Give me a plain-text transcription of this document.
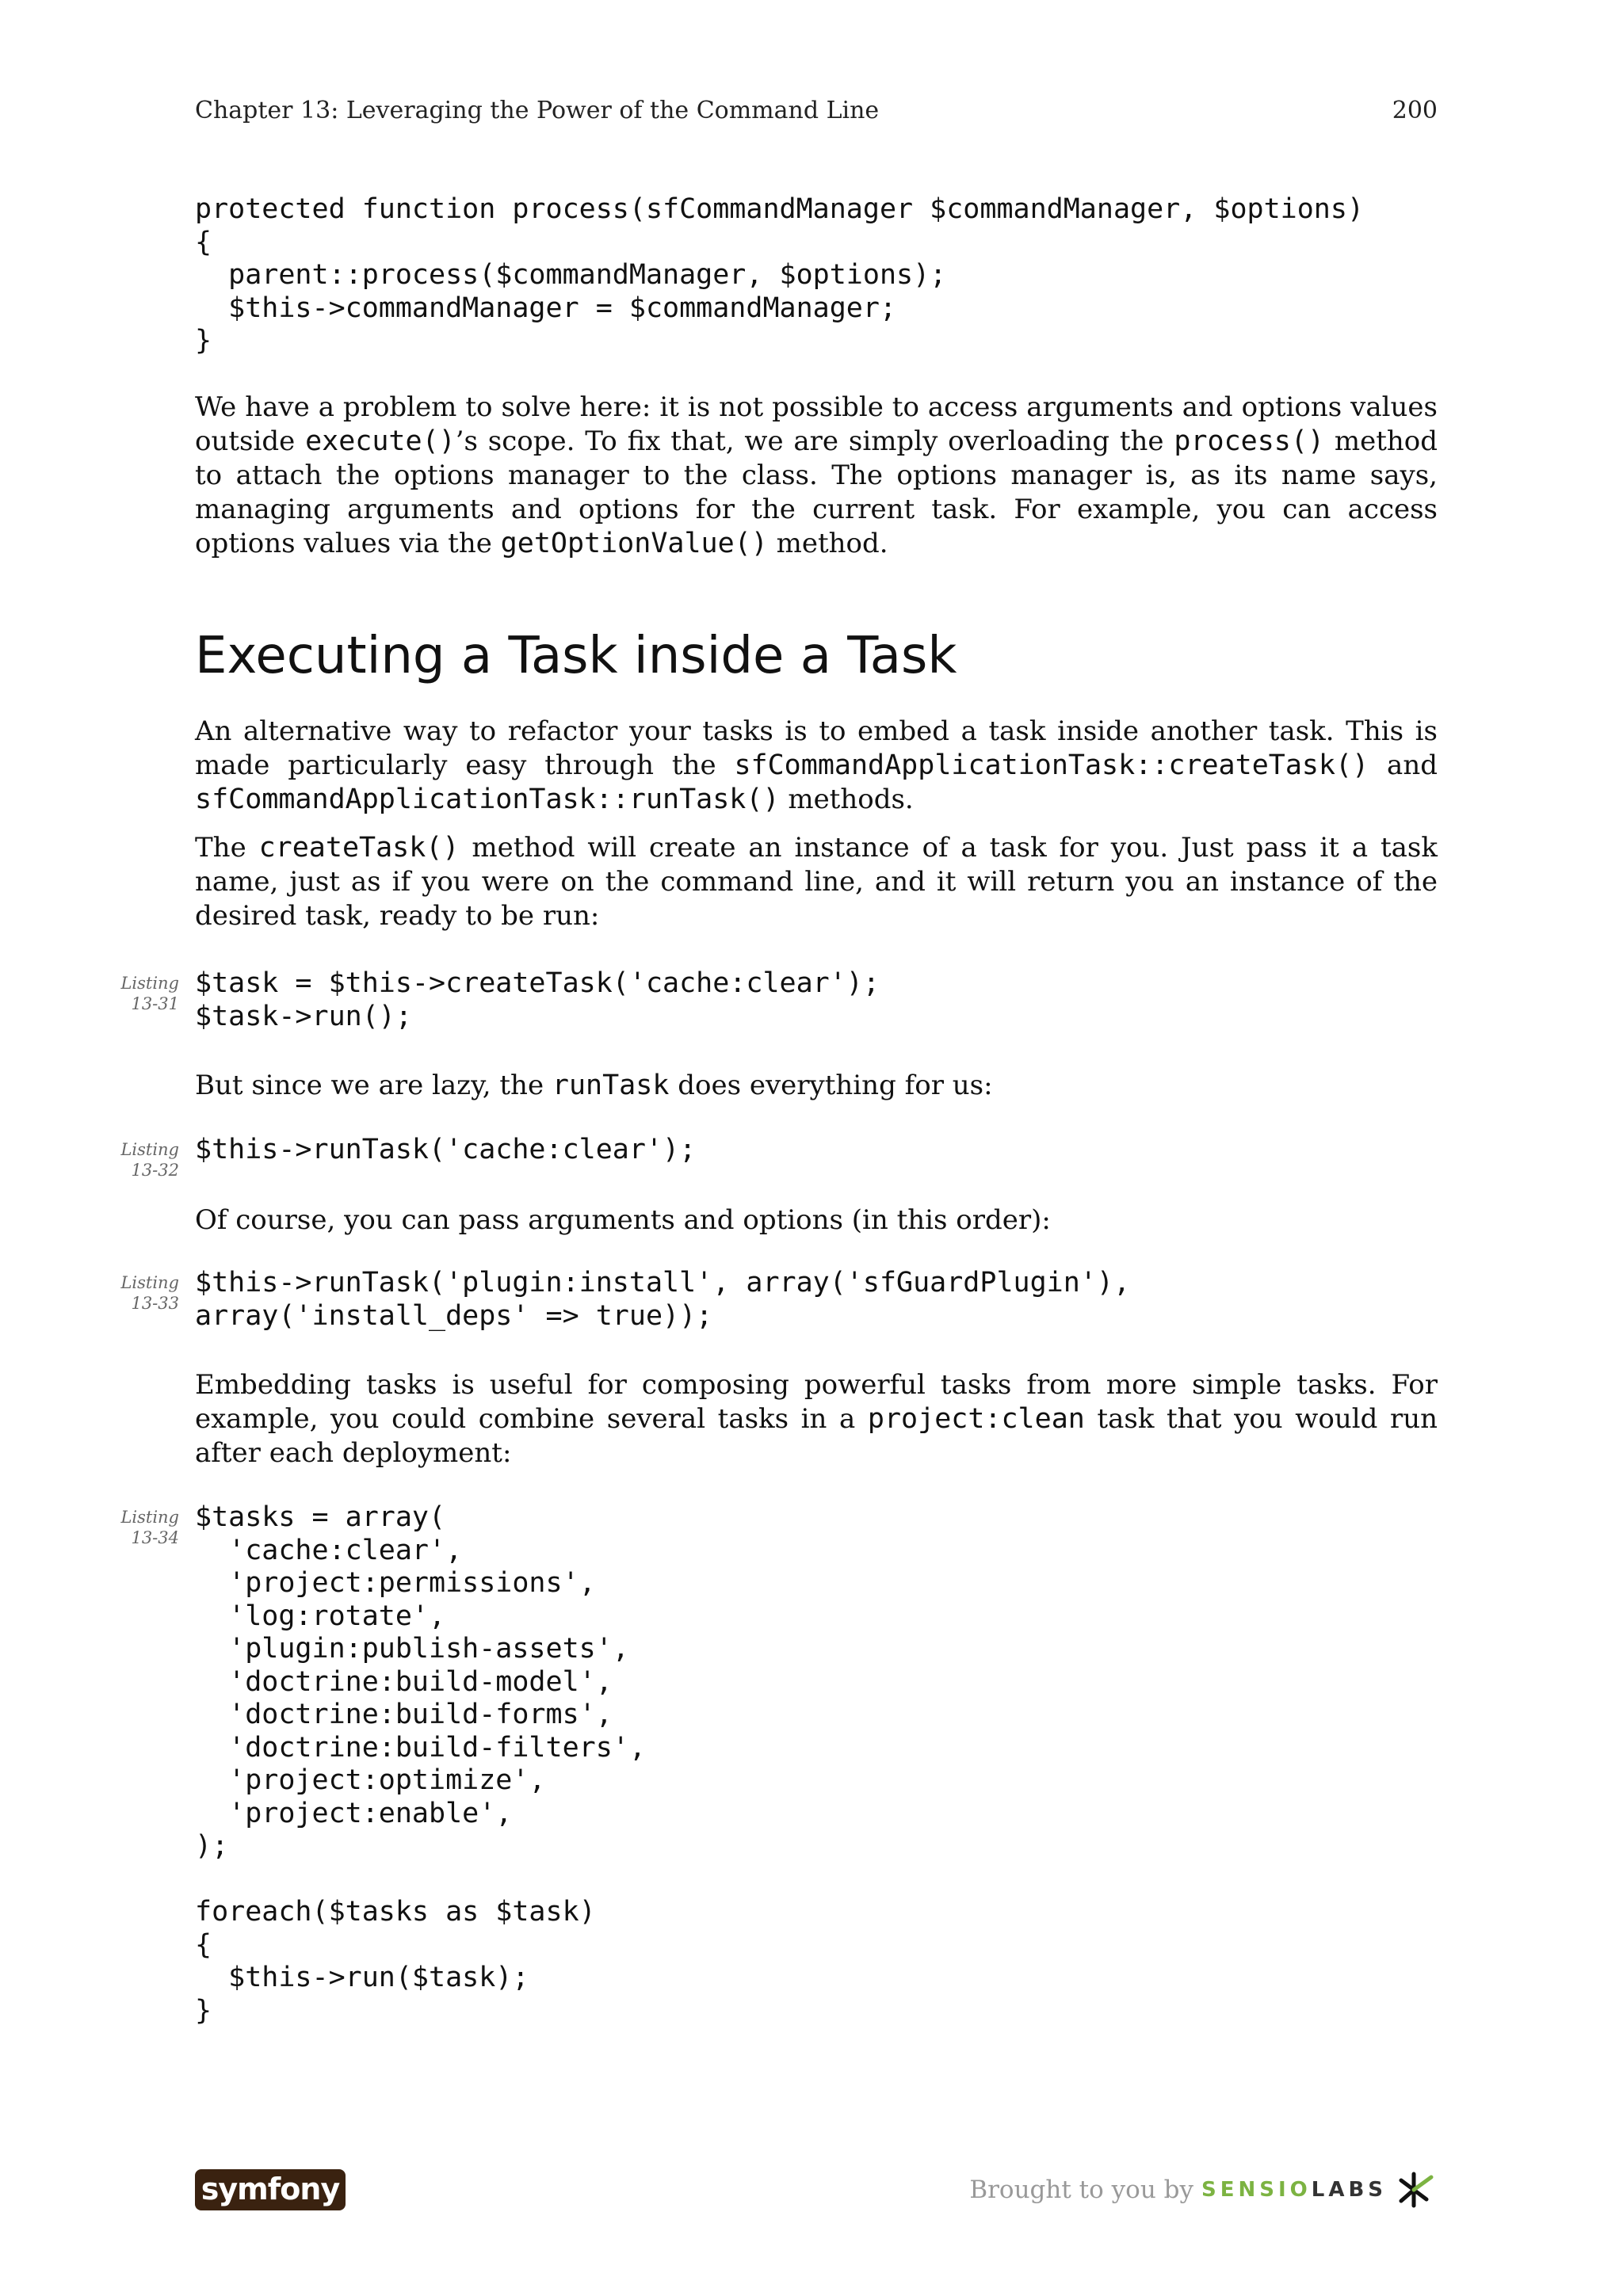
Chapter 13: Leveraging the Power of the Command Line	200
protected function process(sfCommandManager $commandManager, $options)
{
parent::process($commandManager, $options);
$this->commandManager = $commandManager;
}

We have a problem to solve here: it is not possible to access arguments and options values outside execute()’s scope. To fix that, we are simply overloading the process() method to attach the options manager to the class. The options manager is, as its name says, managing arguments and options for the current task. For example, you can access options values via the getOptionValue() method.

Executing a Task inside a Task

An alternative way to refactor your tasks is to embed a task inside another task. This is made particularly easy through the sfCommandApplicationTask::createTask() and sfCommandApplicationTask::runTask() methods.

The createTask() method will create an instance of a task for you. Just pass it a task name, just as if you were on the command line, and it will return you an instance of the desired task, ready to be run:

Listing
13-31
$task = $this->createTask('cache:clear');
$task->run();

But since we are lazy, the runTask does everything for us:

Listing
13-32
$this->runTask('cache:clear');

Of course, you can pass arguments and options (in this order):

Listing
13-33
$this->runTask('plugin:install', array('sfGuardPlugin'),
array('install_deps' => true));

Embedding tasks is useful for composing powerful tasks from more simple tasks. For example, you could combine several tasks in a project:clean task that you would run after each deployment:

Listing
13-34
$tasks = array(
'cache:clear',
'project:permissions',
'log:rotate',
'plugin:publish-assets',
'doctrine:build-model',
'doctrine:build-forms',
'doctrine:build-filters',
'project:optimize',
'project:enable',
);

foreach($tasks as $task)
{
$this->run($task);
}
symfony	Brought to you by SENSIO LABS
